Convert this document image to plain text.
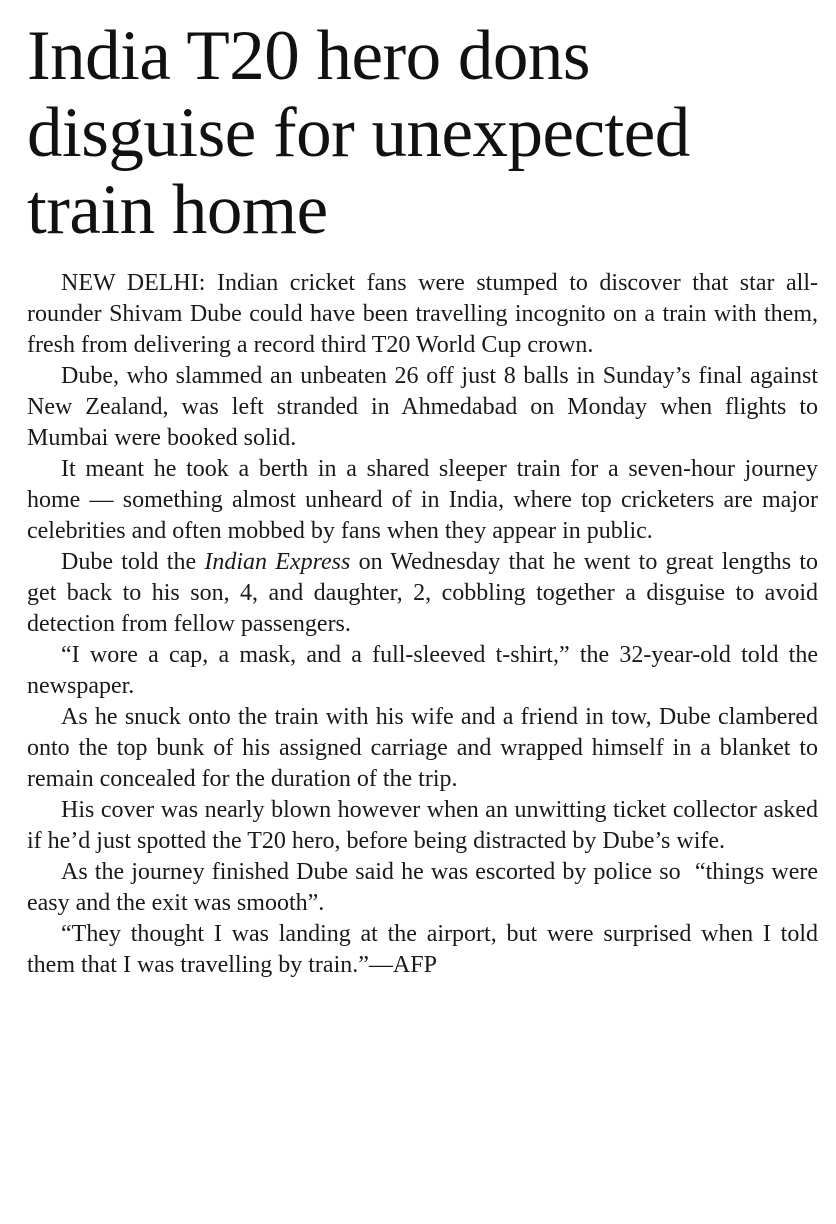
India T20 hero dons
disguise for unexpected
train home

NEW DELHI: Indian cricket fans were stumped to discover that star all-rounder Shivam Dube could have been travelling incognito on a train with them, fresh from delivering a record third T20 World Cup crown.

Dube, who slammed an unbeaten 26 off just 8 balls in Sunday’s final against New Zealand, was left stranded in Ahmedabad on Monday when flights to Mumbai were booked solid.

It meant he took a berth in a shared sleeper train for a seven-hour journey home — something almost unheard of in India, where top cricketers are major celebrities and often mobbed by fans when they appear in public.

Dube told the Indian Express on Wednesday that he went to great lengths to get back to his son, 4, and daughter, 2, cobbling together a disguise to avoid detection from fellow passengers.

“I wore a cap, a mask, and a full-sleeved t-shirt,” the 32-year-old told the newspaper.

As he snuck onto the train with his wife and a friend in tow, Dube clambered onto the top bunk of his assigned carriage and wrapped himself in a blanket to remain concealed for the duration of the trip.

His cover was nearly blown however when an unwitting ticket collector asked if he’d just spotted the T20 hero, before being distracted by Dube’s wife.

As the journey finished Dube said he was escorted by police so  “things were easy and the exit was smooth”.

“They thought I was landing at the airport, but were surprised when I told them that I was travelling by train.”—AFP
